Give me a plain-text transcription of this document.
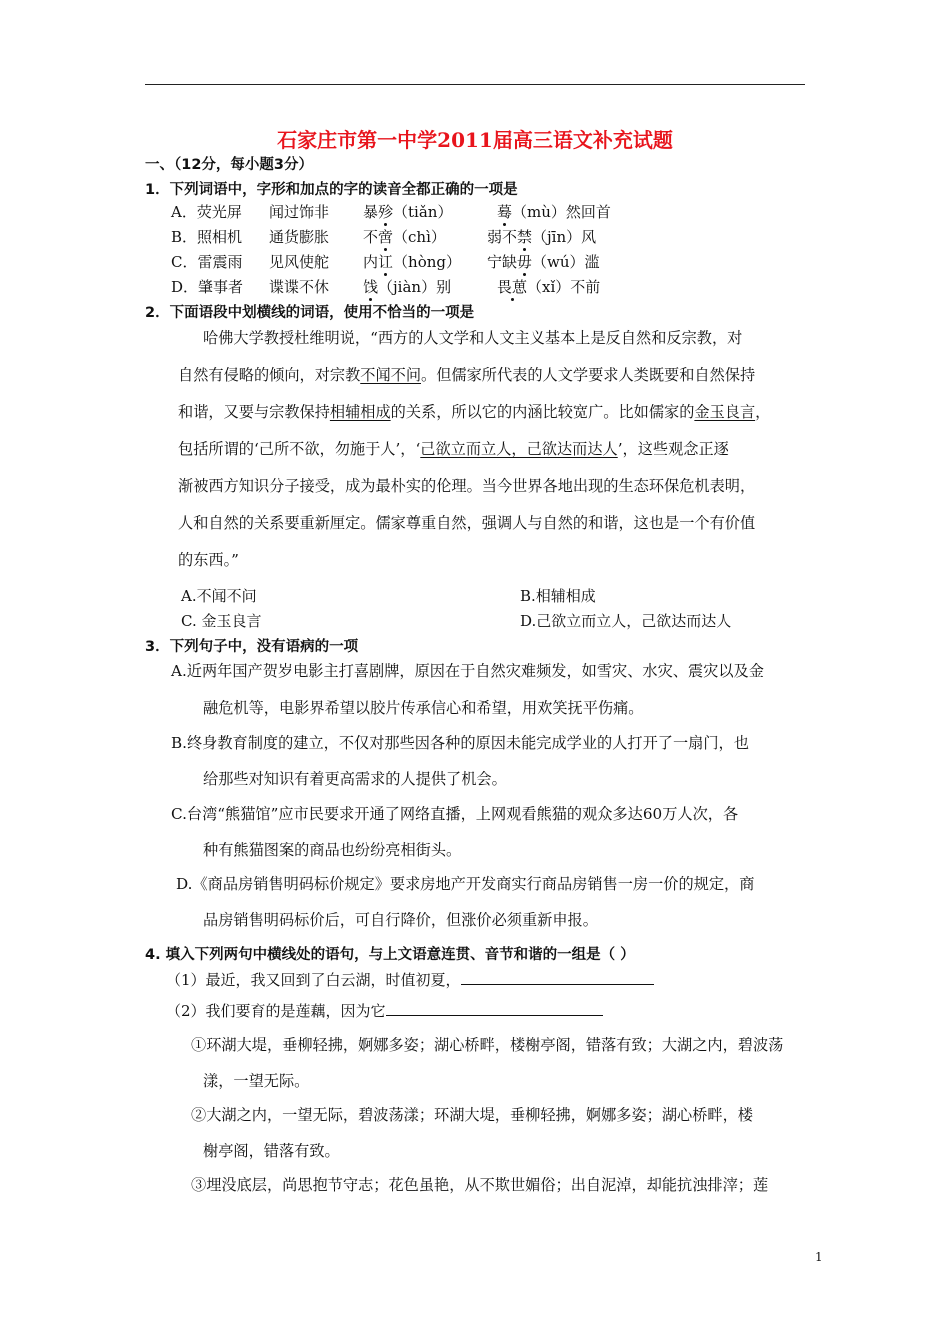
石家庄市第一中学2011届高三语文补充试题
一、（12分，每小题3分）
1．下列词语中，字形和加点的字的读音全都正确的一项是
A．荧光屏 闻过饰非 暴殄（tiǎn）	蓦（mù）然回首
B．照相机 通货膨胀 不啻（chì）	弱不禁（jīn）风
C．雷震雨 见风使舵 内讧（hòng） 宁缺毋（wú）滥
D．肇事者 谍谍不休 饯（jiàn）别	畏葸（xǐ）不前
2．下面语段中划横线的词语，使用不恰当的一项是
哈佛大学教授杜维明说，“西方的人文学和人文主义基本上是反自然和反宗教，对
自然有侵略的倾向，对宗教不闻不问。但儒家所代表的人文学要求人类既要和自然保持
和谐，又要与宗教保持相辅相成的关系，所以它的内涵比较宽广。比如儒家的金玉良言，
包括所谓的‘己所不欲，勿施于人’，‘己欲立而立人，己欲达而达人’，这些观念正逐
渐被西方知识分子接受，成为最朴实的伦理。当今世界各地出现的生态环保危机表明，
人和自然的关系要重新厘定。儒家尊重自然，强调人与自然的和谐，这也是一个有价值
的东西。”
A.不闻不问	B.相辅相成
C. 金玉良言	D.己欲立而立人，己欲达而达人
3．下列句子中，没有语病的一项
A.近两年国产贺岁电影主打喜剧牌，原因在于自然灾难频发，如雪灾、水灾、震灾以及金
融危机等，电影界希望以胶片传承信心和希望，用欢笑抚平伤痛。
B.终身教育制度的建立，不仅对那些因各种的原因未能完成学业的人打开了一扇门，也
给那些对知识有着更高需求的人提供了机会。
C.台湾“熊猫馆”应市民要求开通了网络直播，上网观看熊猫的观众多达60万人次，各
种有熊猫图案的商品也纷纷亮相街头。
D.《商品房销售明码标价规定》要求房地产开发商实行商品房销售一房一价的规定，商
品房销售明码标价后，可自行降价，但涨价必须重新申报。
4. 填入下列两句中横线处的语句，与上文语意连贯、音节和谐的一组是（ ）
（1）最近，我又回到了白云湖，时值初夏，
（2）我们要育的是莲藕，因为它
①环湖大堤，垂柳轻拂，婀娜多姿；湖心桥畔，楼榭亭阁，错落有致；大湖之内，碧波荡
漾，一望无际。
②大湖之内，一望无际，碧波荡漾；环湖大堤，垂柳轻拂，婀娜多姿；湖心桥畔，楼
榭亭阁，错落有致。
③埋没底层，尚思抱节守志；花色虽艳，从不欺世媚俗；出自泥淖，却能抗浊排滓；莲
1
